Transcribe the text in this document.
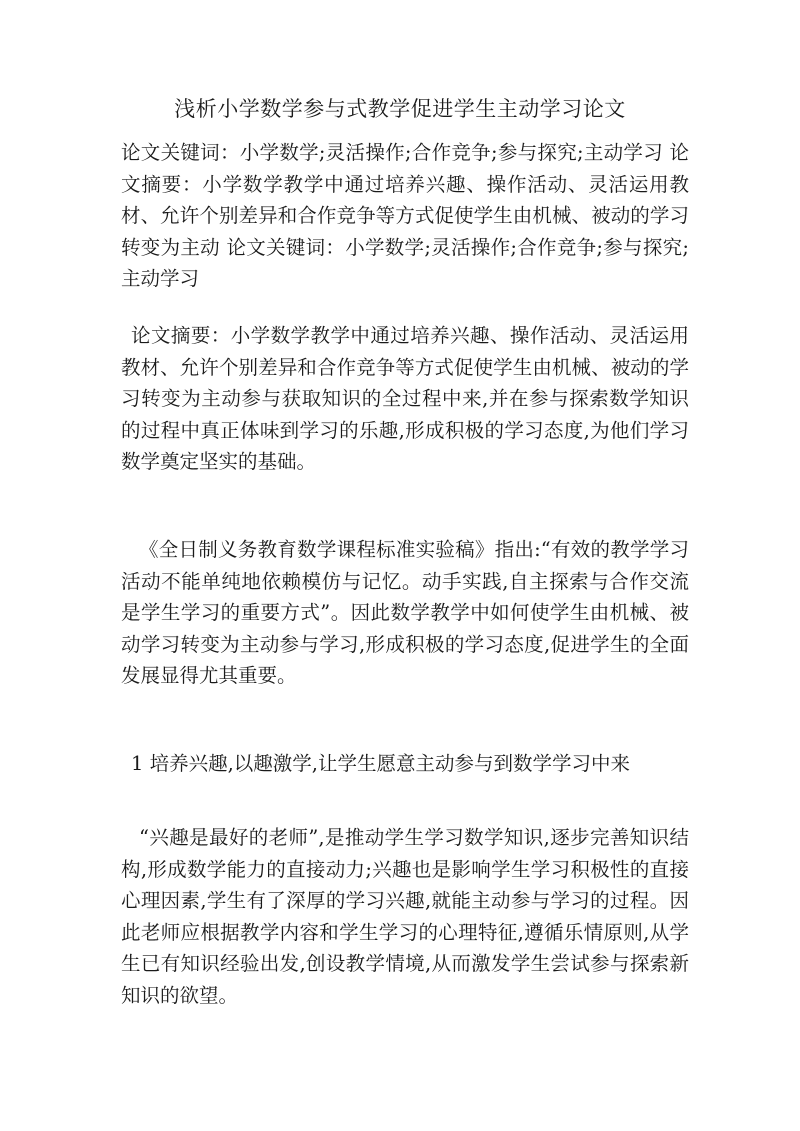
浅析小学数学参与式教学促进学生主动学习论文
论文关键词：小学数学;灵活操作;合作竞争;参与探究;主动学习 论文摘要：小学数学教学中通过培养兴趣、操作活动、灵活运用教材、允许个别差异和合作竞争等方式促使学生由机械、被动的学习转变为主动 论文关键词：小学数学;灵活操作;合作竞争;参与探究;主动学习
论文摘要：小学数学教学中通过培养兴趣、操作活动、灵活运用教材、允许个别差异和合作竞争等方式促使学生由机械、被动的学习转变为主动参与获取知识的全过程中来,并在参与探索数学知识的过程中真正体味到学习的乐趣,形成积极的学习态度,为他们学习数学奠定坚实的基础。
《全日制义务教育数学课程标准实验稿》指出:“有效的教学学习活动不能单纯地依赖模仿与记忆。动手实践,自主探索与合作交流是学生学习的重要方式”。因此数学教学中如何使学生由机械、被动学习转变为主动参与学习,形成积极的学习态度,促进学生的全面发展显得尤其重要。
1 培养兴趣,以趣激学,让学生愿意主动参与到数学学习中来
“兴趣是最好的老师”,是推动学生学习数学知识,逐步完善知识结构,形成数学能力的直接动力;兴趣也是影响学生学习积极性的直接心理因素,学生有了深厚的学习兴趣,就能主动参与学习的过程。因此老师应根据教学内容和学生学习的心理特征,遵循乐情原则,从学生已有知识经验出发,创设教学情境,从而激发学生尝试参与探索新知识的欲望。
